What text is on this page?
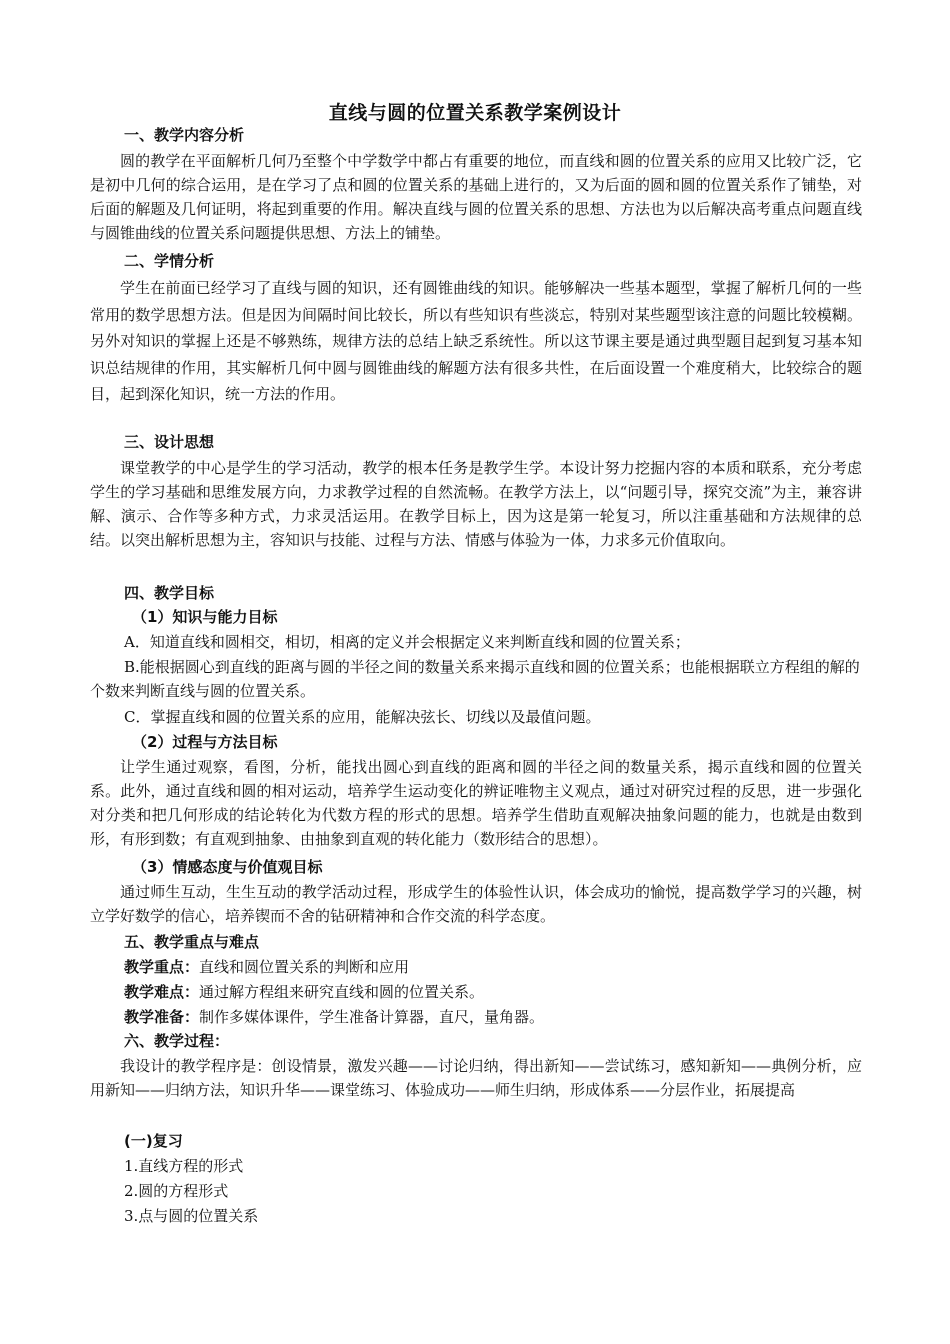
直线与圆的位置关系教学案例设计
一、教学内容分析

圆的教学在平面解析几何乃至整个中学数学中都占有重要的地位，而直线和圆的位置关系的应用又比较广泛，它是初中几何的综合运用，是在学习了点和圆的位置关系的基础上进行的，又为后面的圆和圆的位置关系作了铺垫，对后面的解题及几何证明，将起到重要的作用。解决直线与圆的位置关系的思想、方法也为以后解决高考重点问题直线与圆锥曲线的位置关系问题提供思想、方法上的铺垫。

二、学情分析

学生在前面已经学习了直线与圆的知识，还有圆锥曲线的知识。能够解决一些基本题型，掌握了解析几何的一些常用的数学思想方法。但是因为间隔时间比较长，所以有些知识有些淡忘，特别对某些题型该注意的问题比较模糊。另外对知识的掌握上还是不够熟练，规律方法的总结上缺乏系统性。所以这节课主要是通过典型题目起到复习基本知识总结规律的作用，其实解析几何中圆与圆锥曲线的解题方法有很多共性，在后面设置一个难度稍大，比较综合的题目，起到深化知识，统一方法的作用。

三、设计思想

课堂教学的中心是学生的学习活动，教学的根本任务是教学生学。本设计努力挖掘内容的本质和联系，充分考虑学生的学习基础和思维发展方向，力求教学过程的自然流畅。在教学方法上，以“问题引导，探究交流”为主，兼容讲解、演示、合作等多种方式，力求灵活运用。在教学目标上，因为这是第一轮复习，所以注重基础和方法规律的总结。以突出解析思想为主，容知识与技能、过程与方法、情感与体验为一体，力求多元价值取向。

四、教学目标
（1）知识与能力目标

A．知道直线和圆相交，相切，相离的定义并会根据定义来判断直线和圆的位置关系；

B.能根据圆心到直线的距离与圆的半径之间的数量关系来揭示直线和圆的位置关系；也能根据联立方程组的解的个数来判断直线与圆的位置关系。

C．掌握直线和圆的位置关系的应用，能解决弦长、切线以及最值问题。

（2）过程与方法目标

让学生通过观察，看图，分析，能找出圆心到直线的距离和圆的半径之间的数量关系，揭示直线和圆的位置关系。此外，通过直线和圆的相对运动，培养学生运动变化的辨证唯物主义观点，通过对研究过程的反思，进一步强化对分类和把几何形成的结论转化为代数方程的形式的思想。培养学生借助直观解决抽象问题的能力，也就是由数到形，有形到数；有直观到抽象、由抽象到直观的转化能力（数形结合的思想）。

（3）情感态度与价值观目标

通过师生互动，生生互动的教学活动过程，形成学生的体验性认识，体会成功的愉悦，提高数学学习的兴趣，树立学好数学的信心，培养锲而不舍的钻研精神和合作交流的科学态度。

五、教学重点与难点

教学重点：直线和圆位置关系的判断和应用

教学难点：通过解方程组来研究直线和圆的位置关系。

教学准备：制作多媒体课件，学生准备计算器，直尺，量角器。

六、教学过程：

我设计的教学程序是：创设情景，激发兴趣——讨论归纳，得出新知——尝试练习，感知新知——典例分析，应用新知——归纳方法，知识升华——课堂练习、体验成功——师生归纳，形成体系——分层作业，拓展提高

(一)复习

1.直线方程的形式

2.圆的方程形式

3.点与圆的位置关系
